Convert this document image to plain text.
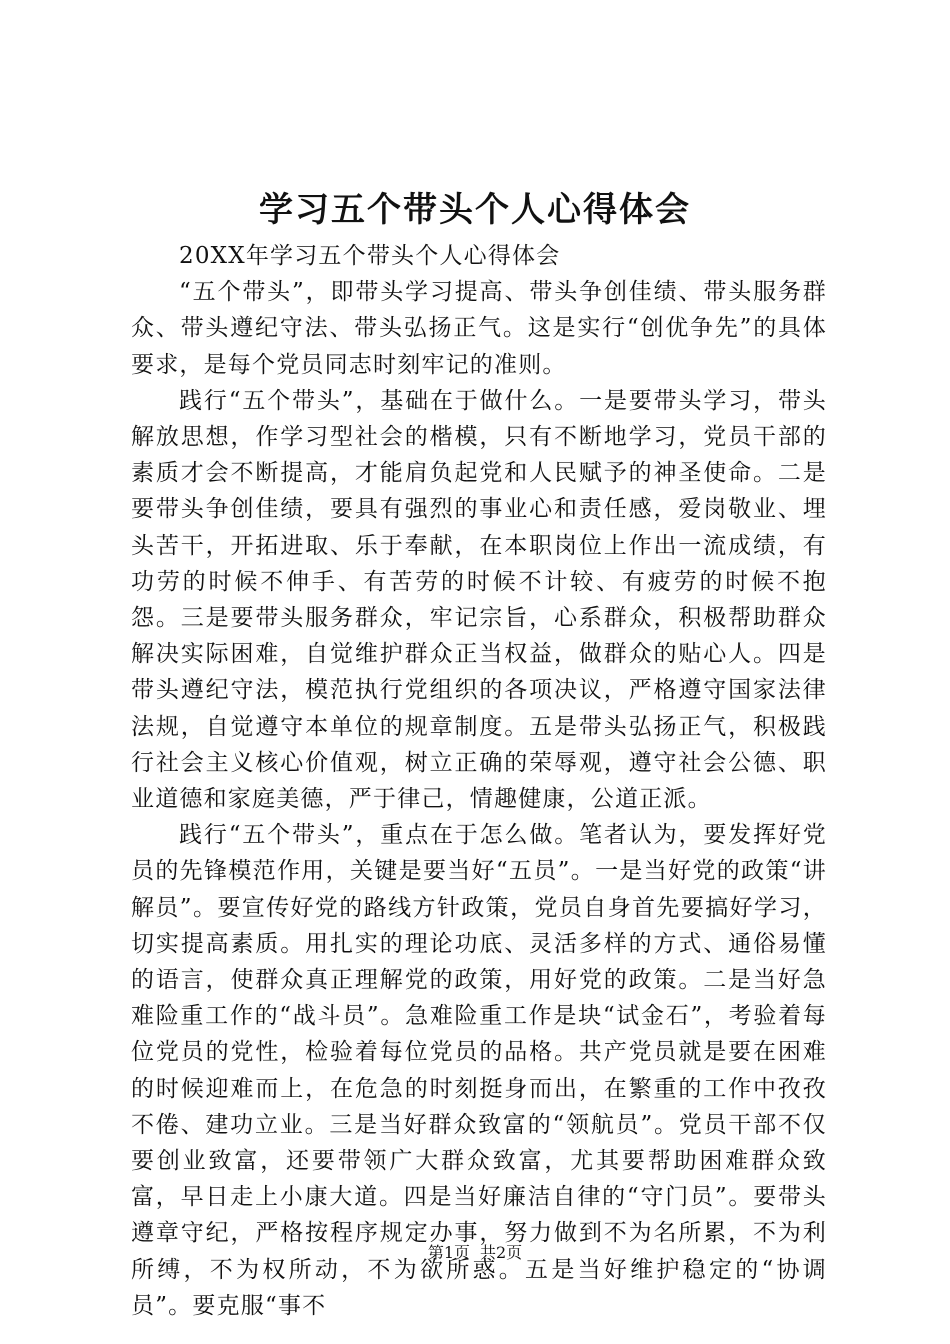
学习五个带头个人心得体会

20XX年学习五个带头个人心得体会

“五个带头”，即带头学习提高、带头争创佳绩、带头服务群众、带头遵纪守法、带头弘扬正气。这是实行“创优争先”的具体要求，是每个党员同志时刻牢记的准则。

践行“五个带头”，基础在于做什么。一是要带头学习，带头解放思想，作学习型社会的楷模，只有不断地学习，党员干部的素质才会不断提高，才能肩负起党和人民赋予的神圣使命。二是要带头争创佳绩，要具有强烈的事业心和责任感，爱岗敬业、埋头苦干，开拓进取、乐于奉献，在本职岗位上作出一流成绩，有功劳的时候不伸手、有苦劳的时候不计较、有疲劳的时候不抱怨。三是要带头服务群众，牢记宗旨，心系群众，积极帮助群众解决实际困难，自觉维护群众正当权益，做群众的贴心人。四是带头遵纪守法，模范执行党组织的各项决议，严格遵守国家法律法规，自觉遵守本单位的规章制度。五是带头弘扬正气，积极践行社会主义核心价值观，树立正确的荣辱观，遵守社会公德、职业道德和家庭美德，严于律己，情趣健康，公道正派。

践行“五个带头”，重点在于怎么做。笔者认为，要发挥好党员的先锋模范作用，关键是要当好“五员”。一是当好党的政策“讲解员”。要宣传好党的路线方针政策，党员自身首先要搞好学习，切实提高素质。用扎实的理论功底、灵活多样的方式、通俗易懂的语言，使群众真正理解党的政策，用好党的政策。二是当好急难险重工作的“战斗员”。急难险重工作是块“试金石”，考验着每位党员的党性，检验着每位党员的品格。共产党员就是要在困难的时候迎难而上，在危急的时刻挺身而出，在繁重的工作中孜孜不倦、建功立业。三是当好群众致富的“领航员”。党员干部不仅要创业致富，还要带领广大群众致富，尤其要帮助困难群众致富，早日走上小康大道。四是当好廉洁自律的“守门员”。要带头遵章守纪，严格按程序规定办事，努力做到不为名所累，不为利所缚，不为权所动，不为欲所惑。五是当好维护稳定的“协调员”。要克服“事不

第1页 共2页
